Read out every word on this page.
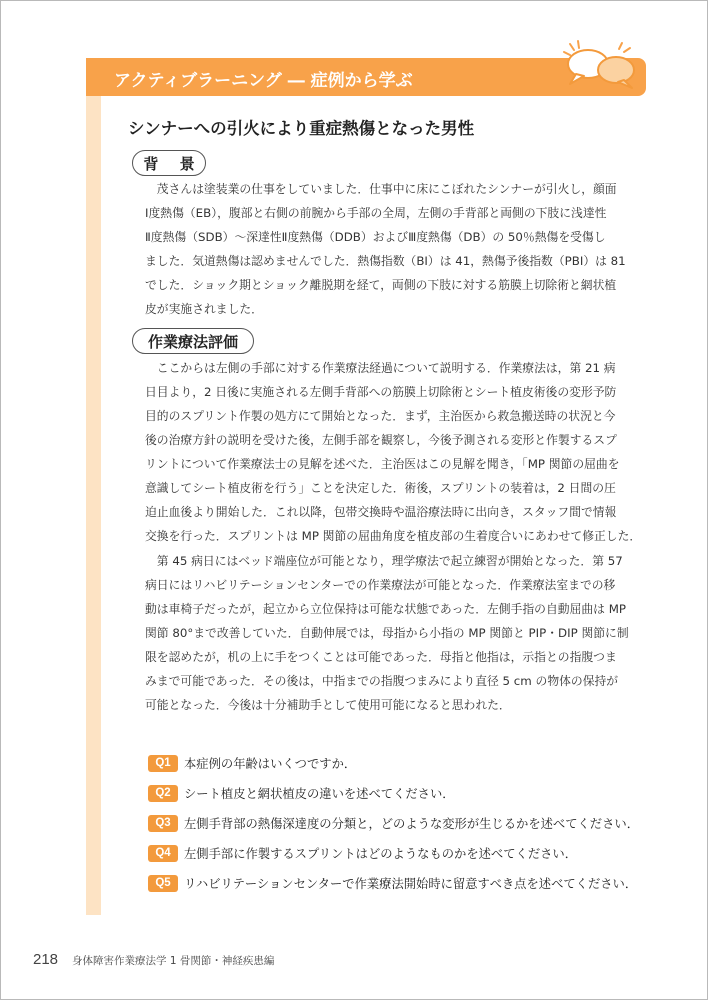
アクティブラーニング ― 症例から学ぶ
シンナーへの引火により重症熱傷となった男性
背 景
　茂さんは塗装業の仕事をしていました．仕事中に床にこぼれたシンナーが引火し，顔面
Ⅰ度熱傷（EB），腹部と右側の前腕から手部の全周，左側の手背部と両側の下肢に浅達性
Ⅱ度熱傷（SDB）～深達性Ⅱ度熱傷（DDB）およびⅢ度熱傷（DB）の 50％熱傷を受傷し
ました．気道熱傷は認めませんでした．熱傷指数（BI）は 41，熱傷予後指数（PBI）は 81
でした．ショック期とショック離脱期を経て，両側の下肢に対する筋膜上切除術と網状植
皮が実施されました．
作業療法評価
　ここからは左側の手部に対する作業療法経過について説明する．作業療法は，第 21 病
日目より，2 日後に実施される左側手背部への筋膜上切除術とシート植皮術後の変形予防
目的のスプリント作製の処方にて開始となった．まず，主治医から救急搬送時の状況と今
後の治療方針の説明を受けた後，左側手部を観察し，今後予測される変形と作製するスプ
リントについて作業療法士の見解を述べた．主治医はこの見解を聞き，「MP 関節の屈曲を
意識してシート植皮術を行う」ことを決定した．術後，スプリントの装着は，2 日間の圧
迫止血後より開始した．これ以降，包帯交換時や温浴療法時に出向き，スタッフ間で情報
交換を行った．スプリントは MP 関節の屈曲角度を植皮部の生着度合いにあわせて修正した．
　第 45 病日にはベッド端座位が可能となり，理学療法で起立練習が開始となった．第 57
病日にはリハビリテーションセンターでの作業療法が可能となった．作業療法室までの移
動は車椅子だったが，起立から立位保持は可能な状態であった．左側手指の自動屈曲は MP
関節 80°まで改善していた．自動伸展では，母指から小指の MP 関節と PIP・DIP 関節に制
限を認めたが，机の上に手をつくことは可能であった．母指と他指は，示指との指腹つま
みまで可能であった．その後は，中指までの指腹つまみにより直径 5 cm の物体の保持が
可能となった．今後は十分補助手として使用可能になると思われた．
Q1	本症例の年齢はいくつですか．
Q2	シート植皮と網状植皮の違いを述べてください．
Q3	左側手背部の熱傷深達度の分類と，どのような変形が生じるかを述べてください．
Q4	左側手部に作製するスプリントはどのようなものかを述べてください．
Q5	リハビリテーションセンターで作業療法開始時に留意すべき点を述べてください．
218 身体障害作業療法学 1 骨関節・神経疾患編
